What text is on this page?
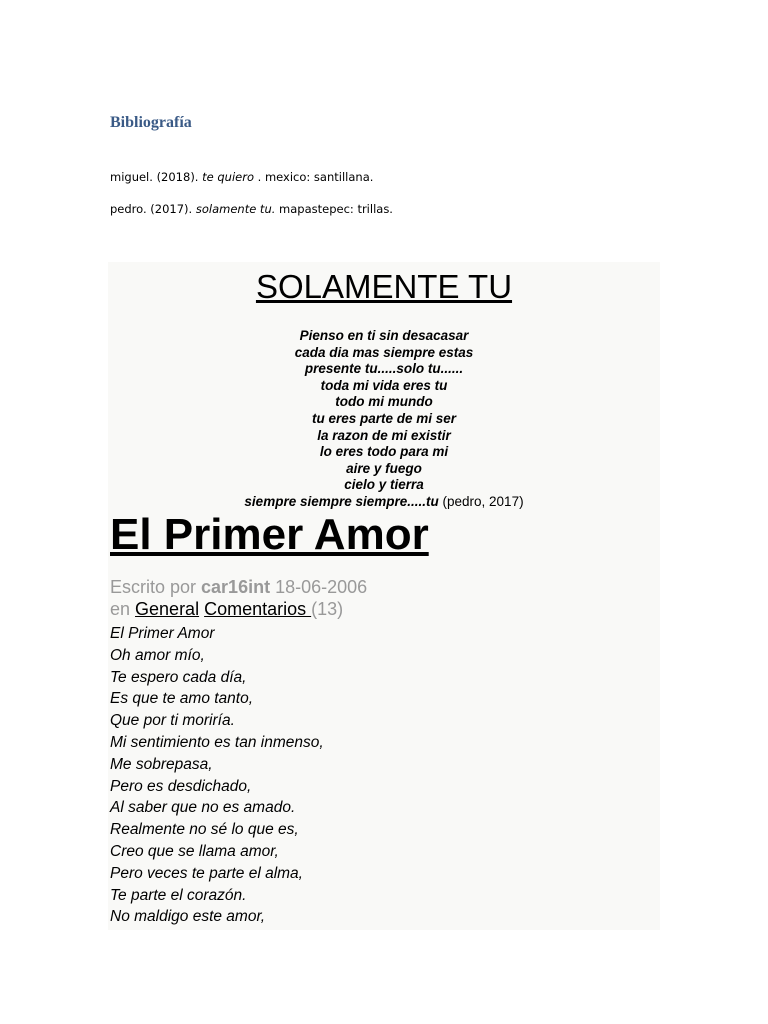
Bibliografía
miguel. (2018). te quiero . mexico: santillana.
pedro. (2017). solamente tu. mapastepec: trillas.
SOLAMENTE TU
Pienso en ti sin desacasar
cada dia mas siempre estas
presente tu.....solo tu......
toda mi vida eres tu
todo mi mundo
tu eres parte de mi ser
la razon de mi existir
lo eres todo para mi
aire y fuego
cielo y tierra
siempre siempre siempre.....tu (pedro, 2017)
El Primer Amor
Escrito por car16int 18-06-2006
en General Comentarios (13)
El Primer Amor
Oh amor mío,
Te espero cada día,
Es que te amo tanto,
Que por ti moriría.
Mi sentimiento es tan inmenso,
Me sobrepasa,
Pero es desdichado,
Al saber que no es amado.
Realmente no sé lo que es,
Creo que se llama amor,
Pero veces te parte el alma,
Te parte el corazón.
No maldigo este amor,
